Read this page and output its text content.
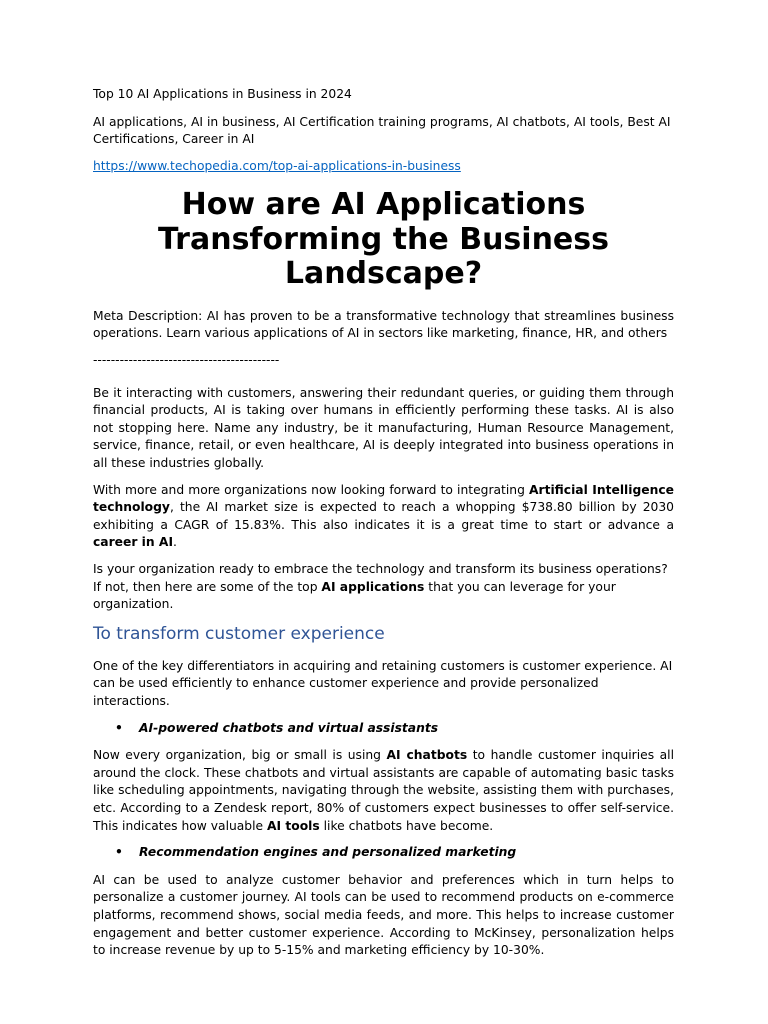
Top 10 AI Applications in Business in 2024

AI applications, AI in business, AI Certification training programs, AI chatbots, AI tools, Best AI Certifications, Career in AI

https://www.techopedia.com/top-ai-applications-in-business

How are AI Applications Transforming the Business Landscape?

Meta Description: AI has proven to be a transformative technology that streamlines business operations. Learn various applications of AI in sectors like marketing, finance, HR, and others

------------------------------------------

Be it interacting with customers, answering their redundant queries, or guiding them through financial products, AI is taking over humans in efficiently performing these tasks. AI is also not stopping here. Name any industry, be it manufacturing, Human Resource Management, service, finance, retail, or even healthcare, AI is deeply integrated into business operations in all these industries globally.

With more and more organizations now looking forward to integrating Artificial Intelligence technology, the AI market size is expected to reach a whopping $738.80 billion by 2030 exhibiting a CAGR of 15.83%. This also indicates it is a great time to start or advance a career in AI.

Is your organization ready to embrace the technology and transform its business operations? If not, then here are some of the top AI applications that you can leverage for your organization.

To transform customer experience

One of the key differentiators in acquiring and retaining customers is customer experience. AI can be used efficiently to enhance customer experience and provide personalized interactions.

• AI-powered chatbots and virtual assistants

Now every organization, big or small is using AI chatbots to handle customer inquiries all around the clock. These chatbots and virtual assistants are capable of automating basic tasks like scheduling appointments, navigating through the website, assisting them with purchases, etc. According to a Zendesk report, 80% of customers expect businesses to offer self-service. This indicates how valuable AI tools like chatbots have become.

• Recommendation engines and personalized marketing

AI can be used to analyze customer behavior and preferences which in turn helps to personalize a customer journey. AI tools can be used to recommend products on e-commerce platforms, recommend shows, social media feeds, and more. This helps to increase customer engagement and better customer experience. According to McKinsey, personalization helps to increase revenue by up to 5-15% and marketing efficiency by 10-30%.
